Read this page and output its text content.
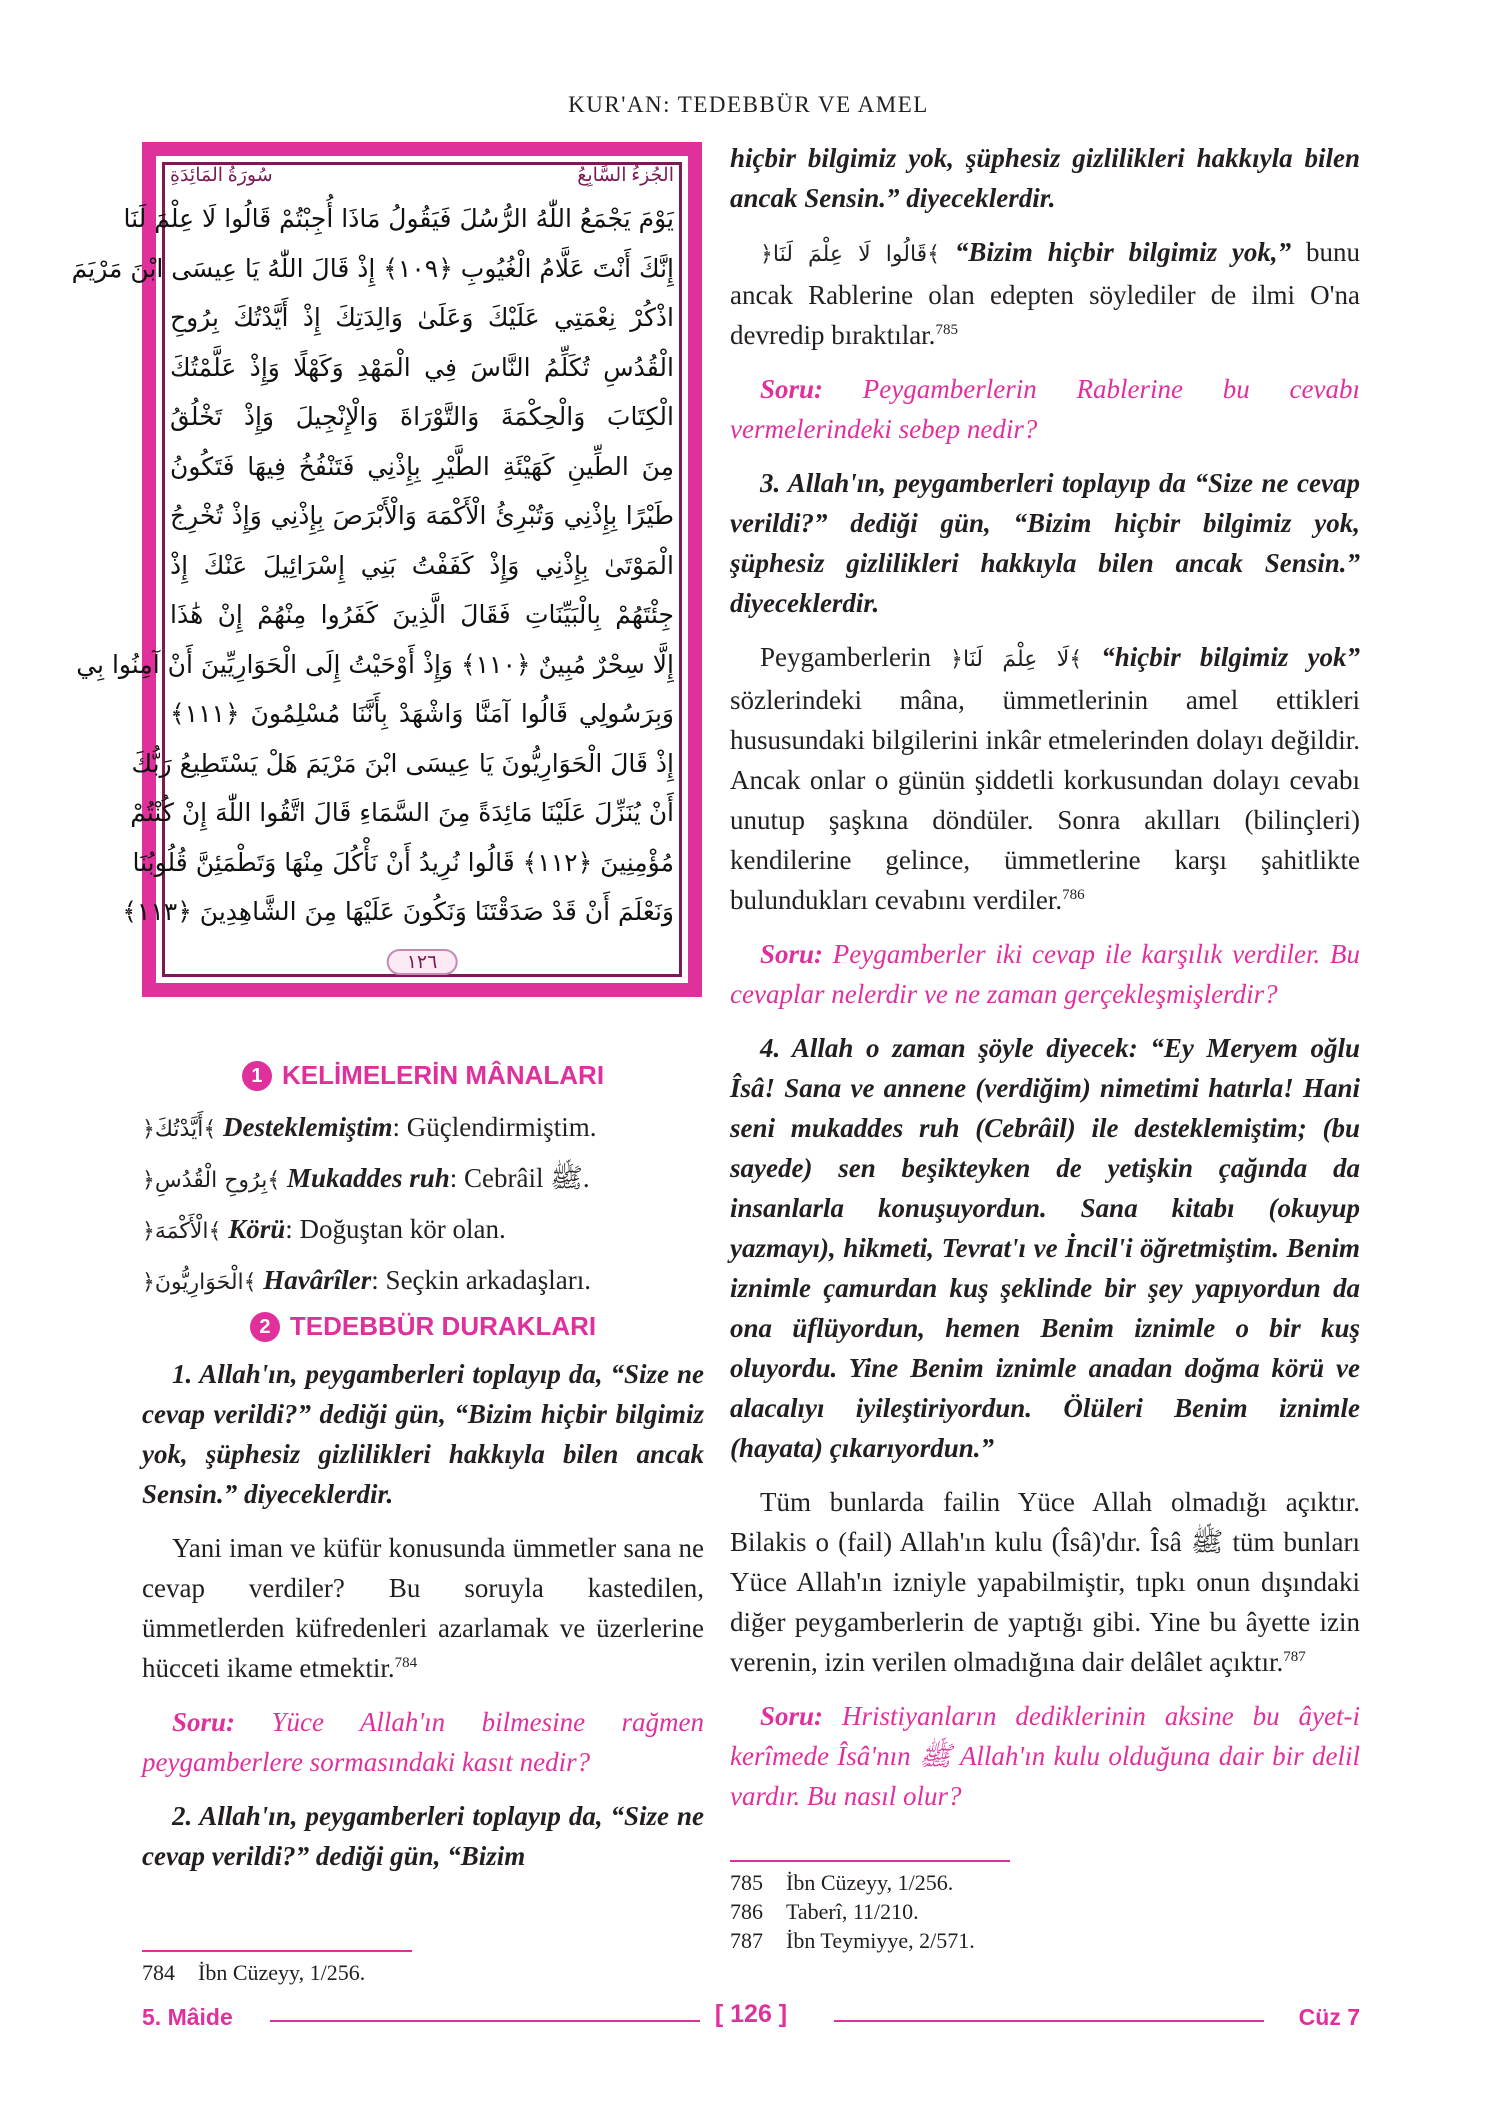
KUR'AN: TEDEBBÜR VE AMEL
سُورَةُ المَائِدَةِ	الجُزءُ السَّابِعُ
يَوْمَ يَجْمَعُ اللّٰهُ الرُّسُلَ فَيَقُولُ مَاذَا أُجِبْتُمْ قَالُوا لَا عِلْمَ لَنَا
إِنَّكَ أَنْتَ عَلَّامُ الْغُيُوبِ ﴿١٠٩﴾ إِذْ قَالَ اللّٰهُ يَا عِيسَى ابْنَ مَرْيَمَ
اذْكُرْ نِعْمَتِي عَلَيْكَ وَعَلَىٰ وَالِدَتِكَ إِذْ أَيَّدْتُكَ بِرُوحِ
الْقُدُسِ تُكَلِّمُ النَّاسَ فِي الْمَهْدِ وَكَهْلًا وَإِذْ عَلَّمْتُكَ
الْكِتَابَ وَالْحِكْمَةَ وَالتَّوْرَاةَ وَالْإِنْجِيلَ وَإِذْ تَخْلُقُ
مِنَ الطِّينِ كَهَيْئَةِ الطَّيْرِ بِإِذْنِي فَتَنْفُخُ فِيهَا فَتَكُونُ
طَيْرًا بِإِذْنِي وَتُبْرِئُ الْأَكْمَهَ وَالْأَبْرَصَ بِإِذْنِي وَإِذْ تُخْرِجُ
الْمَوْتَىٰ بِإِذْنِي وَإِذْ كَفَفْتُ بَنِي إِسْرَائِيلَ عَنْكَ إِذْ
جِئْتَهُمْ بِالْبَيِّنَاتِ فَقَالَ الَّذِينَ كَفَرُوا مِنْهُمْ إِنْ هَٰذَا
إِلَّا سِحْرٌ مُبِينٌ ﴿١١٠﴾ وَإِذْ أَوْحَيْتُ إِلَى الْحَوَارِيِّينَ أَنْ آمِنُوا بِي
وَبِرَسُولِي قَالُوا آمَنَّا وَاشْهَدْ بِأَنَّنَا مُسْلِمُونَ ﴿١١١﴾
إِذْ قَالَ الْحَوَارِيُّونَ يَا عِيسَى ابْنَ مَرْيَمَ هَلْ يَسْتَطِيعُ رَبُّكَ
أَنْ يُنَزِّلَ عَلَيْنَا مَائِدَةً مِنَ السَّمَاءِ قَالَ اتَّقُوا اللّٰهَ إِنْ كُنْتُمْ
مُؤْمِنِينَ ﴿١١٢﴾ قَالُوا نُرِيدُ أَنْ نَأْكُلَ مِنْهَا وَتَطْمَئِنَّ قُلُوبُنَا
وَنَعْلَمَ أَنْ قَدْ صَدَقْتَنَا وَنَكُونَ عَلَيْهَا مِنَ الشَّاهِدِينَ ﴿١١٣﴾
١٢٦
1 KELİMELERİN MÂNALARI
﴿أَيَّدْتُكَ﴾ Desteklemiştim: Güçlendirmiştim.
﴿بِرُوحِ الْقُدُسِ﴾ Mukaddes ruh: Cebrâil ﷺ.
﴿الْأَكْمَهَ﴾ Körü: Doğuştan kör olan.
﴿الْحَوَارِيُّونَ﴾ Havârîler: Seçkin arkadaşları.
2 TEDEBBÜR DURAKLARI

1. Allah'ın, peygamberleri toplayıp da, “Size ne cevap verildi?” dediği gün, “Bizim hiçbir bilgimiz yok, şüphesiz gizlilikleri hakkıyla bilen ancak Sensin.” diyeceklerdir.

Yani iman ve küfür konusunda ümmetler sana ne cevap verdiler? Bu soruyla kastedilen, ümmetlerden küfredenleri azarlamak ve üzerlerine hücceti ikame etmektir.$^{784}$

Soru: Yüce Allah'ın bilmesine rağmen peygamberlere sormasındaki kasıt nedir?

2. Allah'ın, peygamberleri toplayıp da, “Size ne cevap verildi?” dediği gün, “Bizim

784 İbn Cüzeyy, 1/256.

hiçbir bilgimiz yok, şüphesiz gizlilikleri hakkıyla bilen ancak Sensin.” diyeceklerdir.

﴿قَالُوا لَا عِلْمَ لَنَا﴾ “Bizim hiçbir bilgimiz yok,” bunu ancak Rablerine olan edepten söylediler de ilmi O'na devredip bıraktılar.$^{785}$

Soru: Peygamberlerin Rablerine bu cevabı vermelerindeki sebep nedir?

3. Allah'ın, peygamberleri toplayıp da “Size ne cevap verildi?” dediği gün, “Bizim hiçbir bilgimiz yok, şüphesiz gizlilikleri hakkıyla bilen ancak Sensin.” diyeceklerdir.

Peygamberlerin ﴿لَا عِلْمَ لَنَا﴾ “hiçbir bilgimiz yok” sözlerindeki mâna, ümmetlerinin amel ettikleri hususundaki bilgilerini inkâr etmelerinden dolayı değildir. Ancak onlar o günün şiddetli korkusundan dolayı cevabı unutup şaşkına döndüler. Sonra akılları (bilinçleri) kendilerine gelince, ümmetlerine karşı şahitlikte bulundukları cevabını verdiler.$^{786}$

Soru: Peygamberler iki cevap ile karşılık verdiler. Bu cevaplar nelerdir ve ne zaman gerçekleşmişlerdir?

4. Allah o zaman şöyle diyecek: “Ey Meryem oğlu Îsâ! Sana ve annene (verdiğim) nimetimi hatırla! Hani seni mukaddes ruh (Cebrâil) ile desteklemiştim; (bu sayede) sen beşikteyken de yetişkin çağında da insanlarla konuşuyordun. Sana kitabı (okuyup yazmayı), hikmeti, Tevrat'ı ve İncil'i öğretmiştim. Benim iznimle çamurdan kuş şeklinde bir şey yapıyordun da ona üflüyordun, hemen Benim iznimle o bir kuş oluyordu. Yine Benim iznimle anadan doğma körü ve alacalıyı iyileştiriyordun. Ölüleri Benim iznimle (hayata) çıkarıyordun.”

Tüm bunlarda failin Yüce Allah olmadığı açıktır. Bilakis o (fail) Allah'ın kulu (Îsâ)'dır. Îsâ ﷺ tüm bunları Yüce Allah'ın izniyle yapabilmiştir, tıpkı onun dışındaki diğer peygamberlerin de yaptığı gibi. Yine bu âyette izin verenin, izin verilen olmadığına dair delâlet açıktır.$^{787}$

Soru: Hristiyanların dediklerinin aksine bu âyet-i kerîmede Îsâ'nın ﷺ Allah'ın kulu olduğuna dair bir delil vardır. Bu nasıl olur?

785 İbn Cüzeyy, 1/256.
786 Taberî, 11/210.
787 İbn Teymiyye, 2/571.
5. Mâide	[ 126 ]	Cüz 7
